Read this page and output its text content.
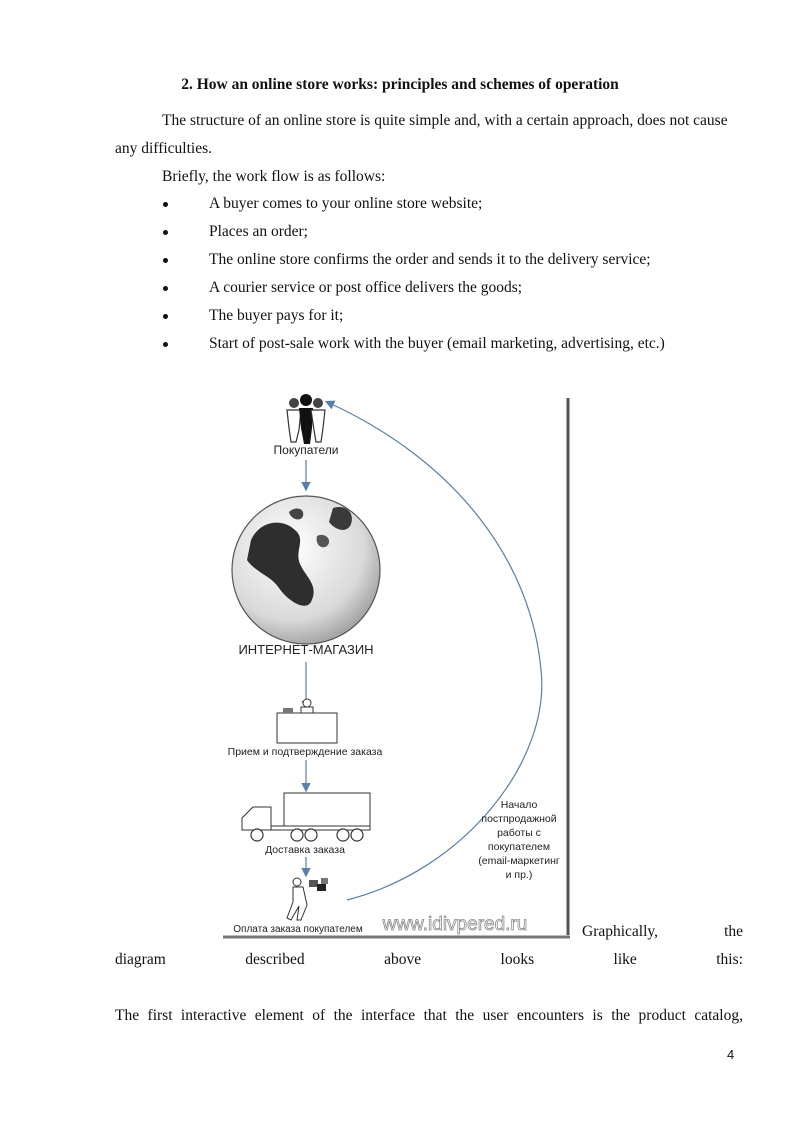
2. How an online store works: principles and schemes of operation
The structure of an online store is quite simple and, with a certain approach, does not cause any difficulties.
Briefly, the work flow is as follows:
A buyer comes to your online store website;
Places an order;
The online store confirms the order and sends it to the delivery service;
A courier service or post office delivers the goods;
The buyer pays for it;
Start of post-sale work with the buyer (email marketing, advertising, etc.)
Покупатели
ИНТЕРНЕТ-МАГАЗИН
Прием и подтверждение заказа
Доставка заказа
Оплата заказа покупателем
Начало
постпродажной
работы с
покупателем
(email-маркетинг
и пр.)
www.idivpered.ru	Graphically,	the
diagram	described	above	looks	like	this:
The first interactive element of the interface that the user encounters is the product catalog,
4
